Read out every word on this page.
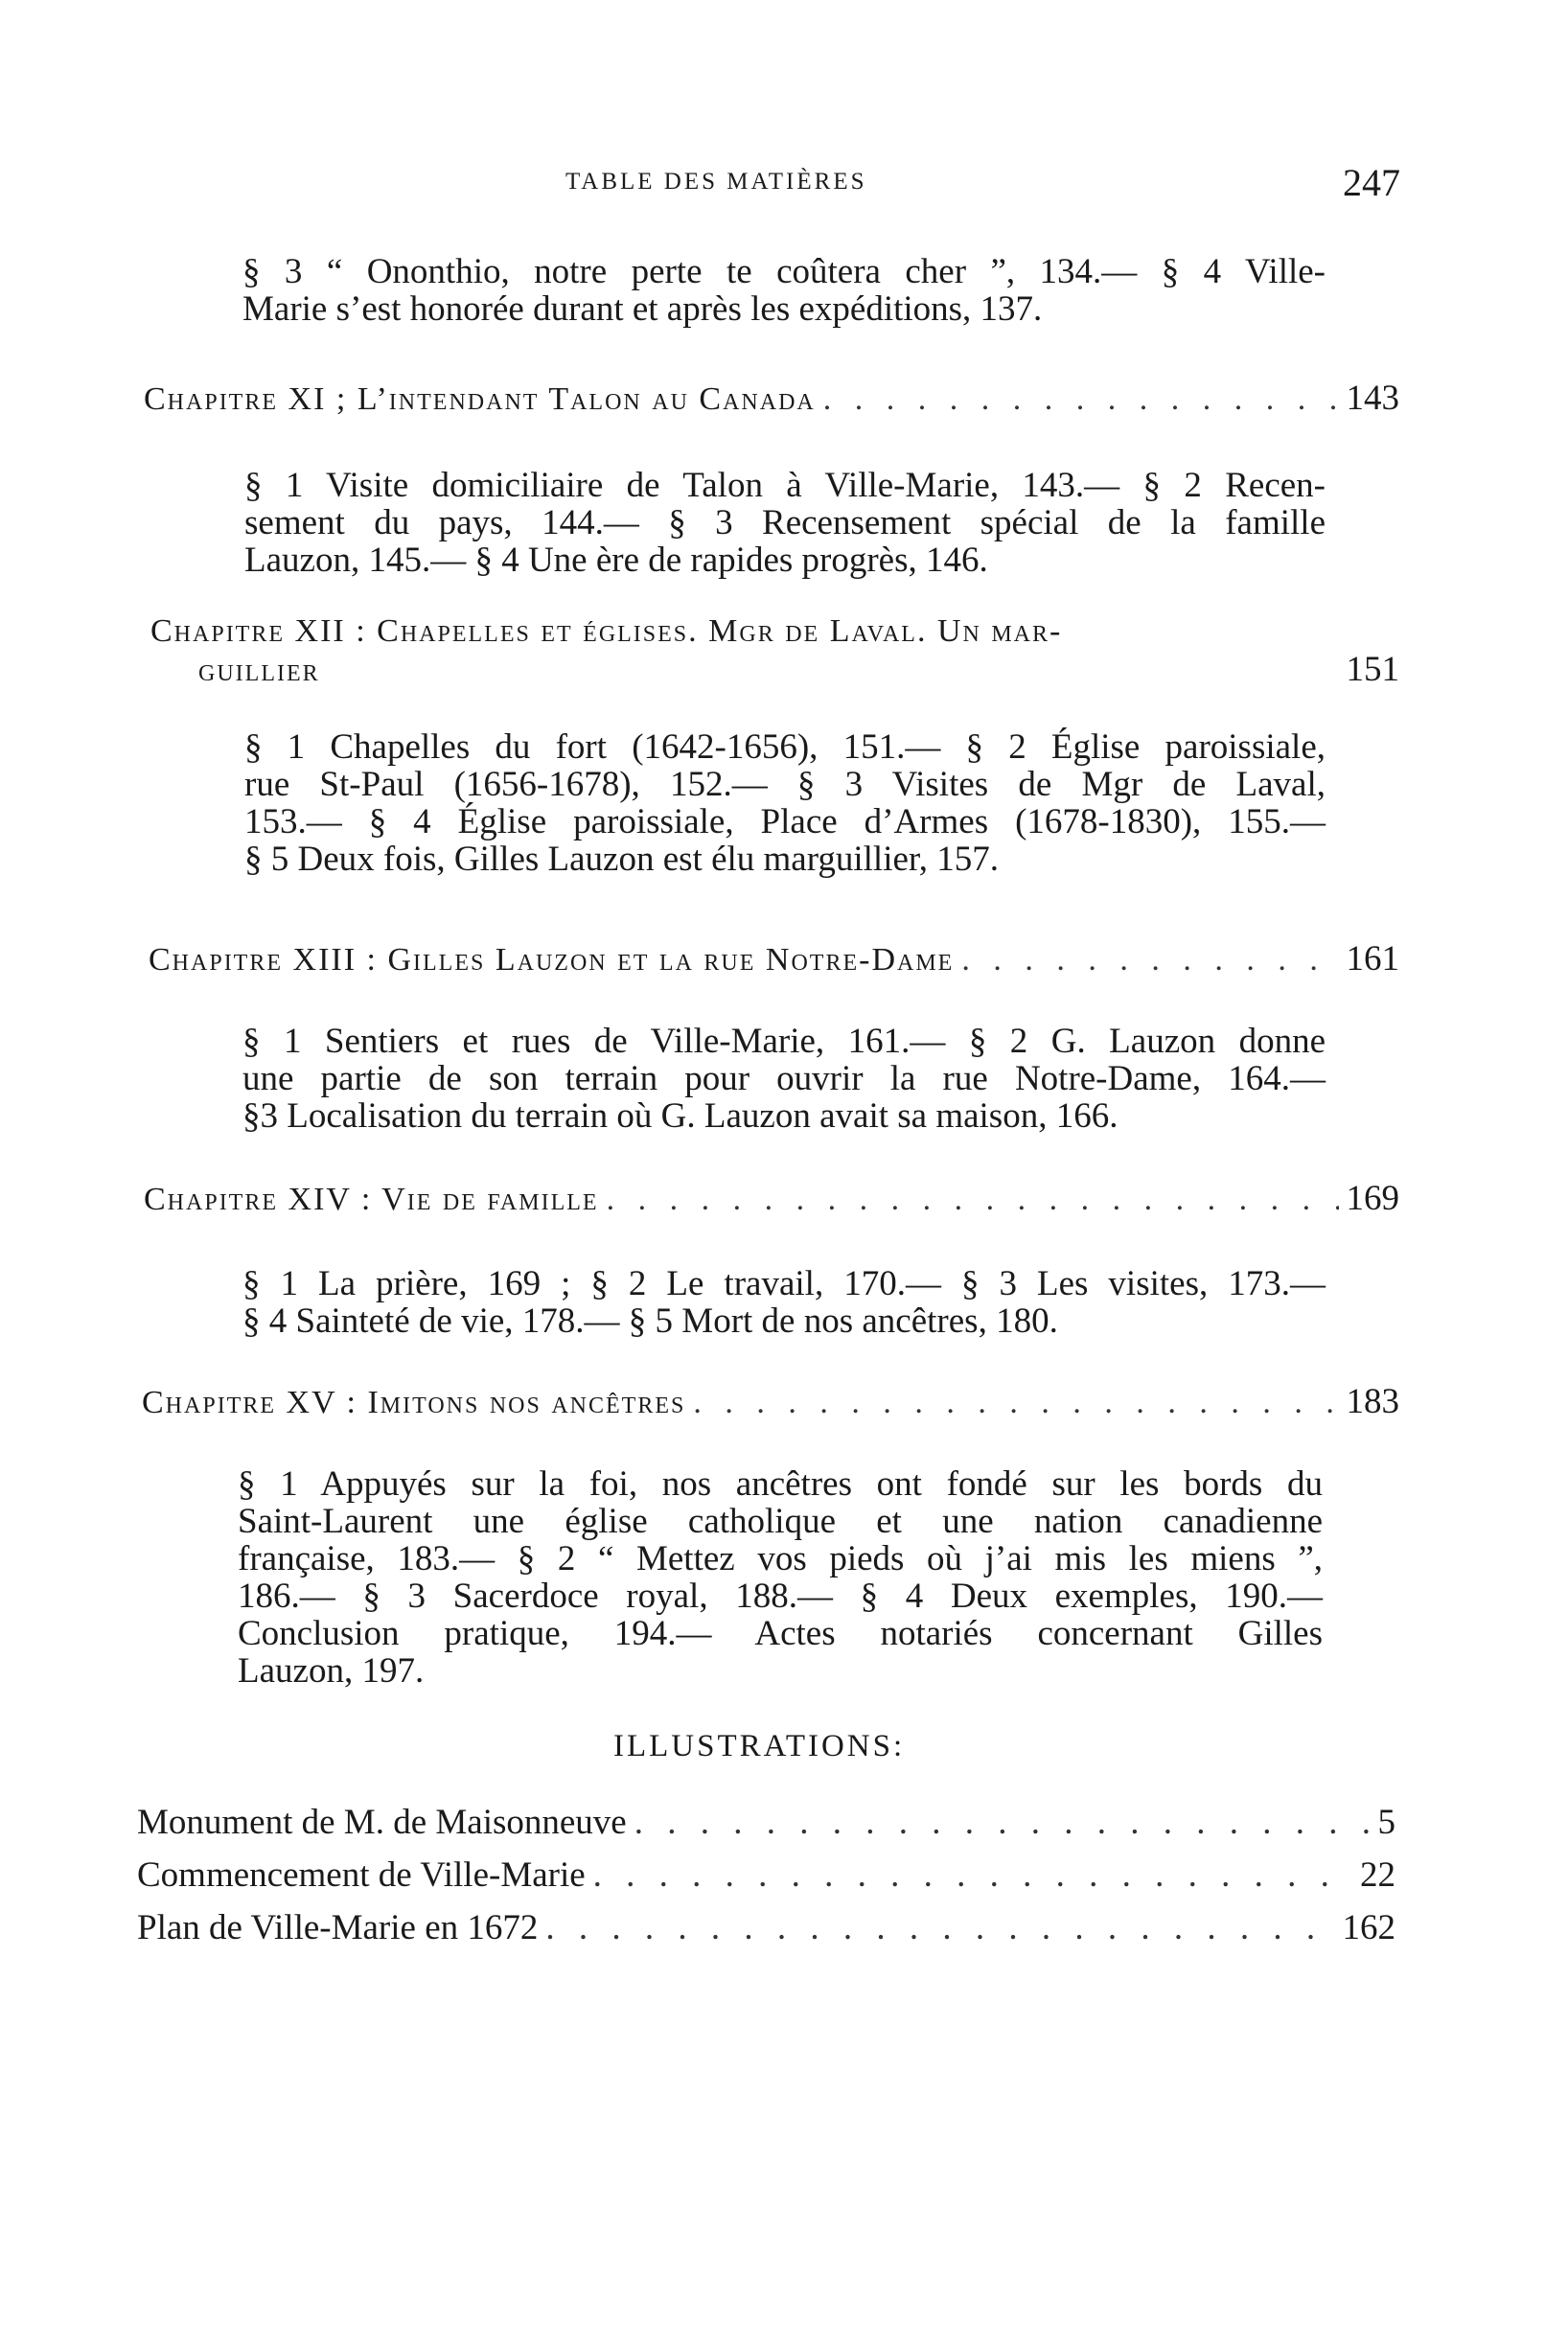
TABLE DES MATIÈRES	247
§ 3 “ Ononthio, notre perte te coûtera cher ”, 134.— § 4 Ville-
Marie s’est honorée durant et après les expéditions, 137.
Chapitre XI ; L’intendant Talon au Canada . . .	143
§ 1 Visite domiciliaire de Talon à Ville-Marie, 143.— § 2 Recen-
sement du pays, 144.— § 3 Recensement spécial de la famille
Lauzon, 145.— § 4 Une ère de rapides progrès, 146.
Chapitre XII : Chapelles et églises. Mgr de Laval. Un mar-
guillier	151
§ 1 Chapelles du fort (1642-1656), 151.— § 2 Église paroissiale,
rue St-Paul (1656-1678), 152.— § 3 Visites de Mgr de Laval,
153.— § 4 Église paroissiale, Place d’Armes (1678-1830), 155.—
§ 5 Deux fois, Gilles Lauzon est élu marguillier, 157.
Chapitre XIII : Gilles Lauzon et la rue Notre-Dame . . .	161
§ 1 Sentiers et rues de Ville-Marie, 161.— § 2 G. Lauzon donne
une partie de son terrain pour ouvrir la rue Notre-Dame, 164.—
§3 Localisation du terrain où G. Lauzon avait sa maison, 166.
Chapitre XIV : Vie de famille . . .	169
§ 1 La prière, 169 ; § 2 Le travail, 170.— § 3 Les visites, 173.—
§ 4 Sainteté de vie, 178.— § 5 Mort de nos ancêtres, 180.
Chapitre XV : Imitons nos ancêtres . . .	183
§ 1 Appuyés sur la foi, nos ancêtres ont fondé sur les bords du
Saint-Laurent une église catholique et une nation canadienne
française, 183.— § 2 “ Mettez vos pieds où j’ai mis les miens ”,
186.— § 3 Sacerdoce royal, 188.— § 4 Deux exemples, 190.—
Conclusion pratique, 194.— Actes notariés concernant Gilles
Lauzon, 197.
ILLUSTRATIONS:
Monument de M. de Maisonneuve . . .	5
Commencement de Ville-Marie . . .	22
Plan de Ville-Marie en 1672 . . .	162
